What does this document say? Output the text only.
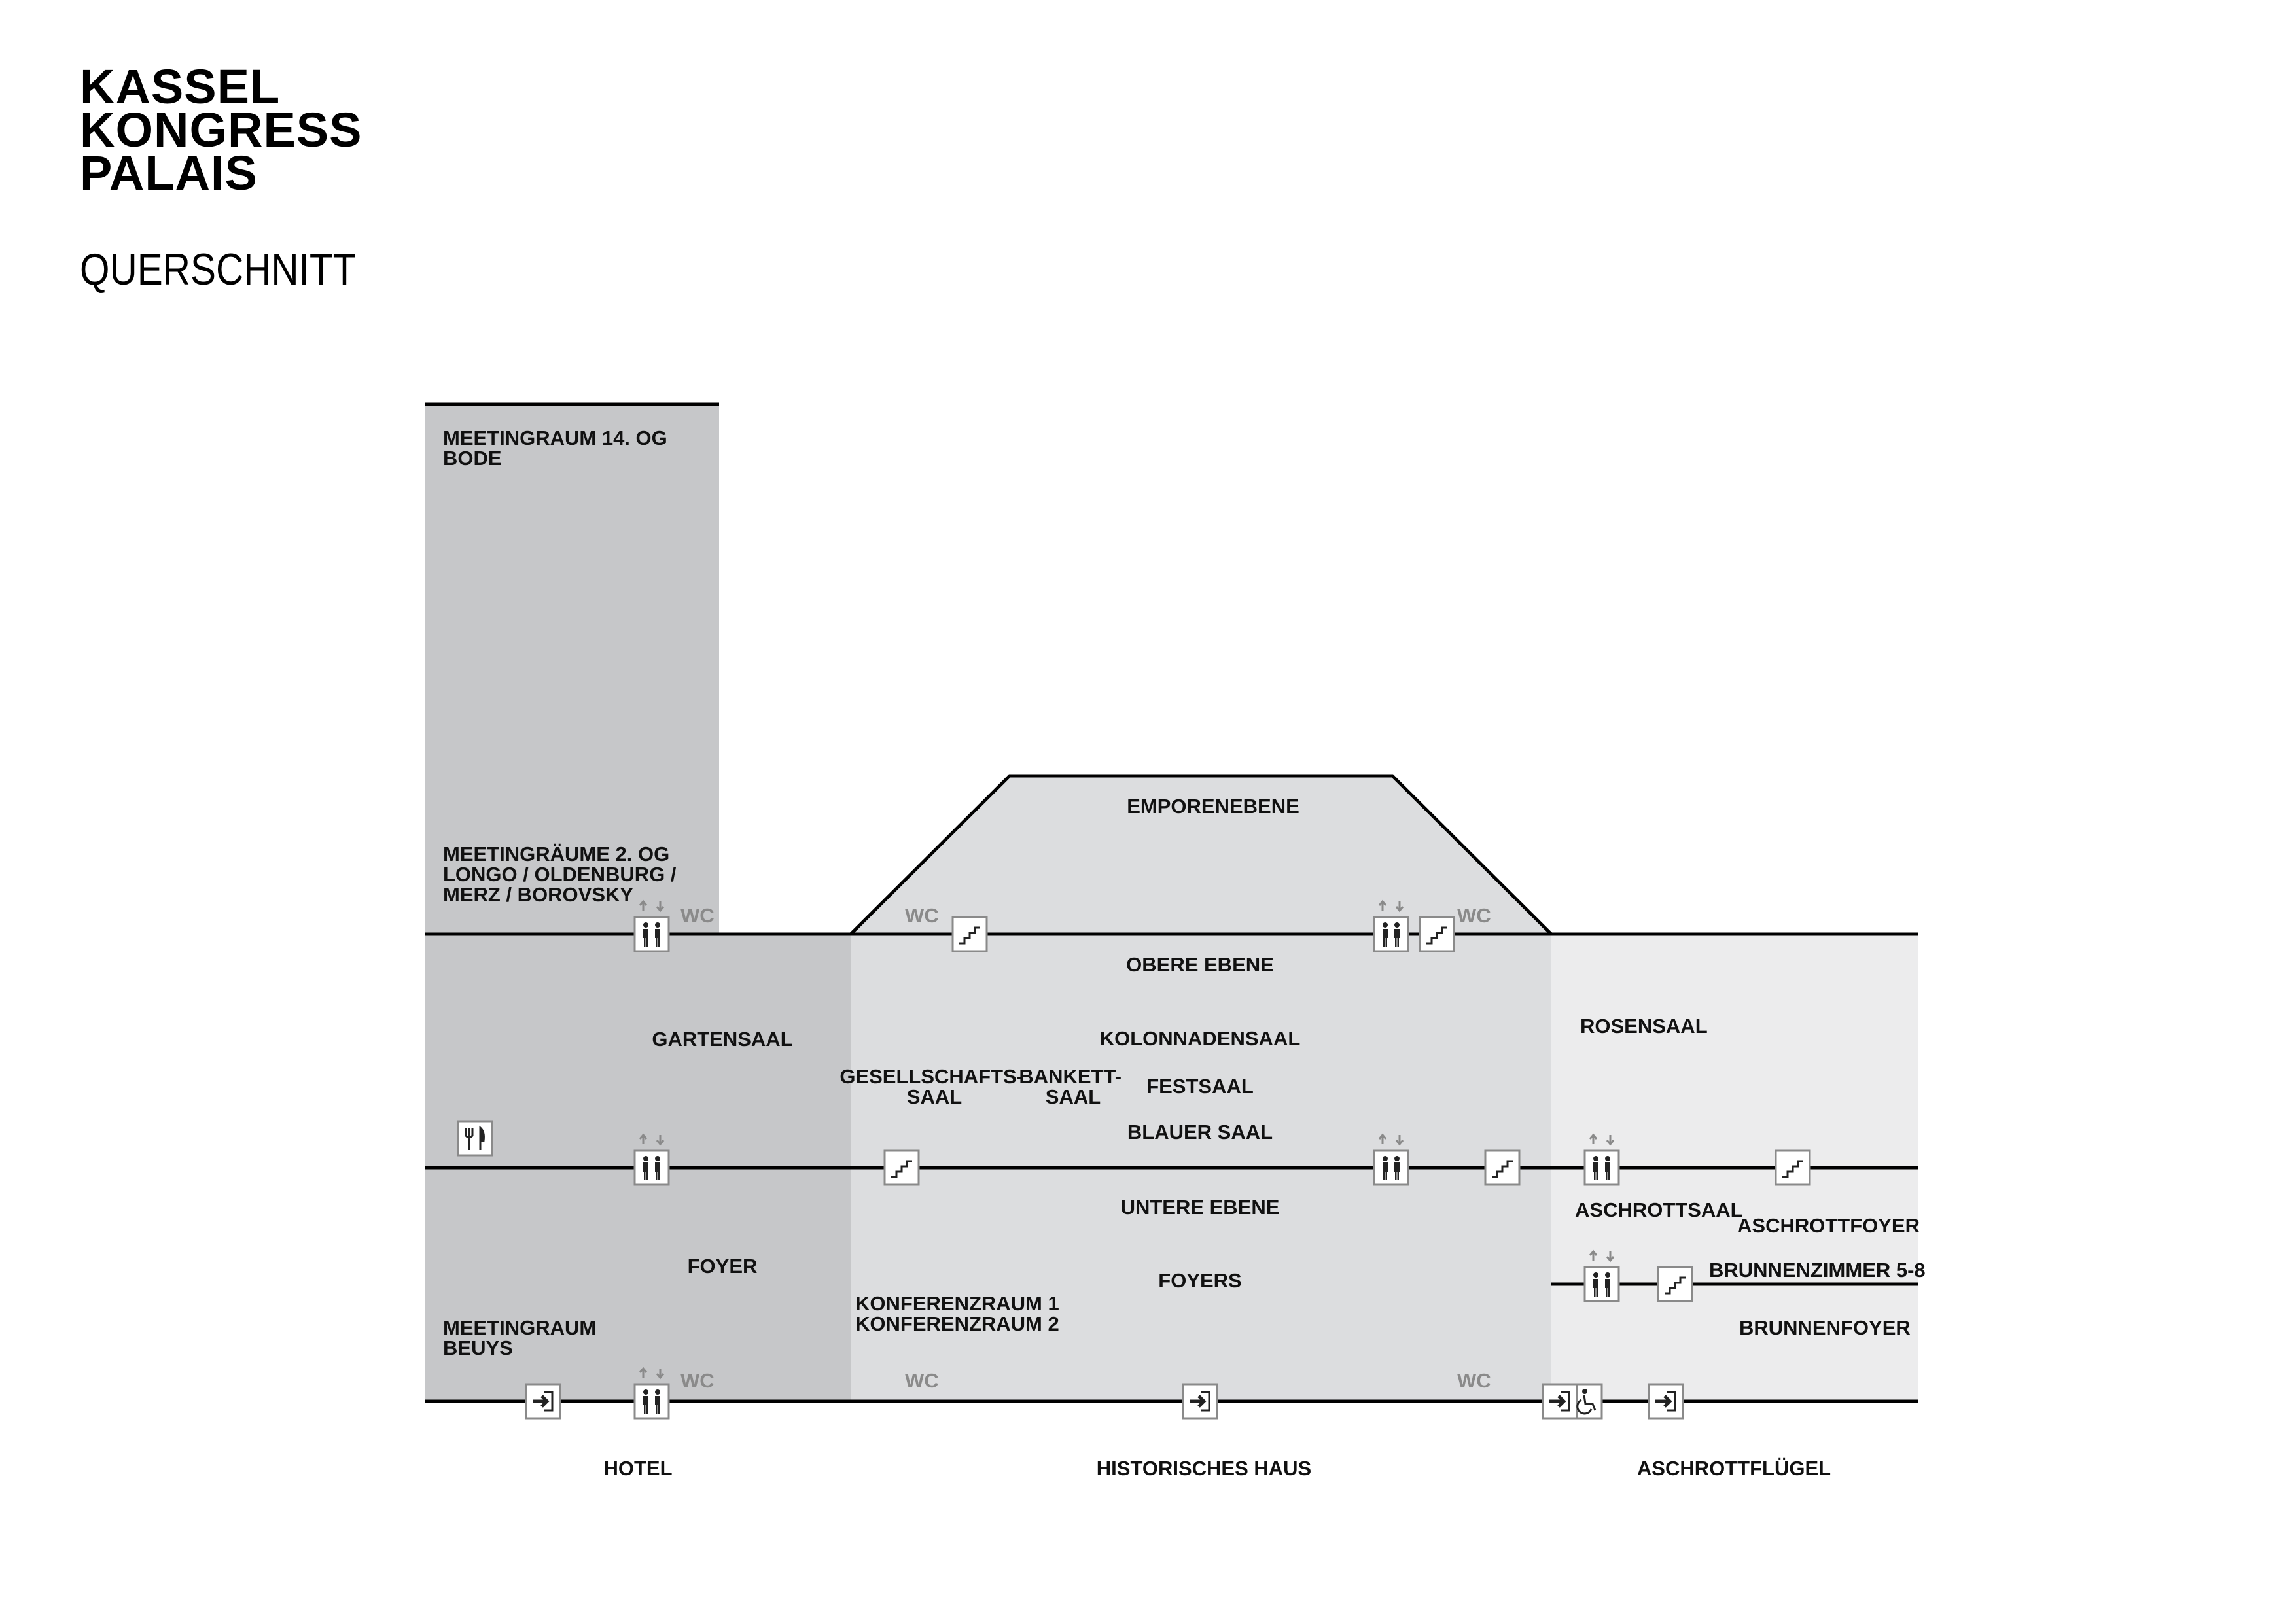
KASSEL
KONGRESS
PALAIS
QUERSCHNITT
MEETINGRAUM 14. OG BODE
MEETINGRÄUME 2. OG LONGO / OLDENBURG / MERZ / BOROVSKY
GARTENSAAL
FOYER
MEETINGRAUM BEUYS
EMPORENEBENE
OBERE EBENE
KOLONNADENSAAL
GESELLSCHAFTS- SAAL
BANKETT- SAAL	FESTSAAL
BLAUER SAAL
UNTERE EBENE
FOYERS
KONFERENZRAUM 1 KONFERENZRAUM 2
ROSENSAAL
ASCHROTTSAAL
ASCHROTTFOYER
BRUNNENZIMMER 5-8
BRUNNENFOYER
WC	WC	WC
WC	WC	WC
HOTEL	HISTORISCHES HAUS	ASCHROTTFLÜGEL
